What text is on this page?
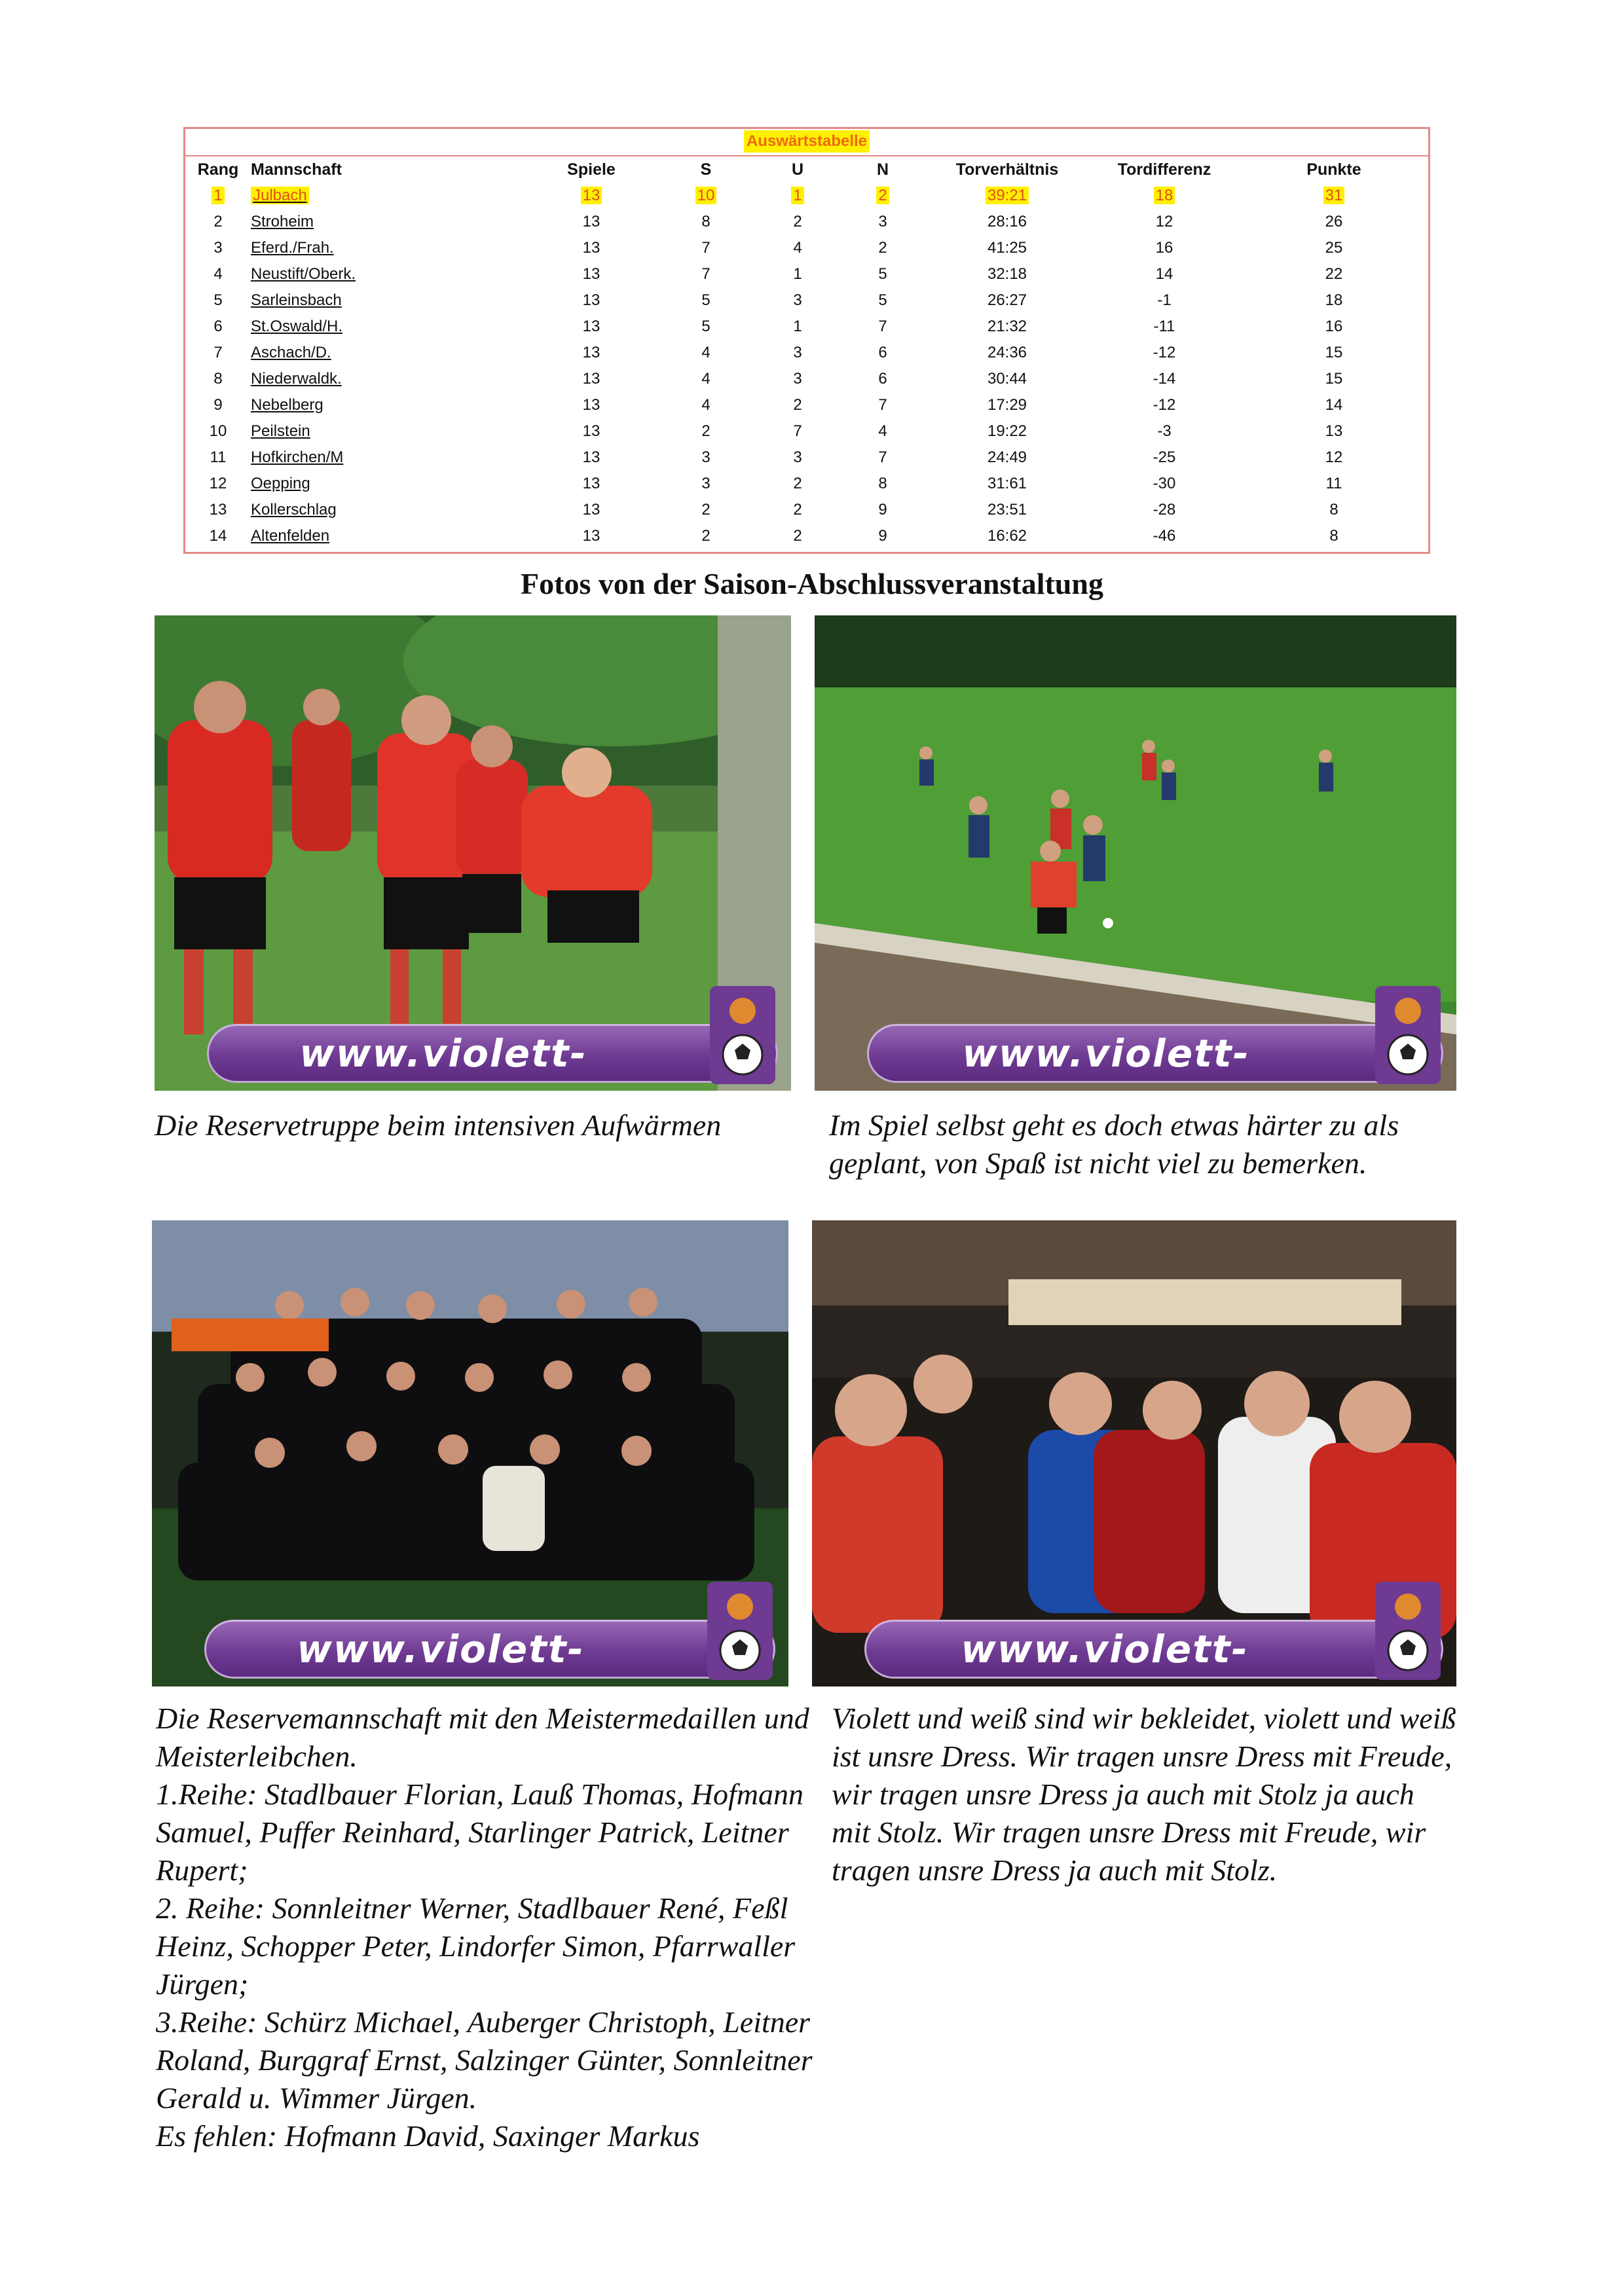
Auswärtstabelle
Rang	Mannschaft	Spiele	S	U	N	Torverhältnis	Tordifferenz	Punkte
1	Julbach	13	10	1	2	39:21	18	31
2	Stroheim	13	8	2	3	28:16	12	26
3	Eferd./Frah.	13	7	4	2	41:25	16	25
4	Neustift/Oberk.	13	7	1	5	32:18	14	22
5	Sarleinsbach	13	5	3	5	26:27	-1	18
6	St.Oswald/H.	13	5	1	7	21:32	-11	16
7	Aschach/D.	13	4	3	6	24:36	-12	15
8	Niederwaldk.	13	4	3	6	30:44	-14	15
9	Nebelberg	13	4	2	7	17:29	-12	14
10	Peilstein	13	2	7	4	19:22	-3	13
11	Hofkirchen/M	13	3	3	7	24:49	-25	12
12	Oepping	13	3	2	8	31:61	-30	11
13	Kollerschlag	13	2	2	9	23:51	-28	8
14	Altenfelden	13	2	2	9	16:62	-46	8
Fotos von der Saison-Abschlussveranstaltung
www.violett-	www.violett-

Die Reservetruppe beim intensiven Aufwärmen	Im Spiel selbst geht es doch etwas härter zu als geplant, von Spaß ist nicht viel zu bemerken.

www.violett-	www.violett-

Die Reservemannschaft mit den Meistermedaillen und Meisterleibchen.

1.Reihe: Stadlbauer Florian, Lauß Thomas, Hofmann Samuel, Puffer Reinhard, Starlinger Patrick, Leitner Rupert;

2. Reihe: Sonnleitner Werner, Stadlbauer René, Feßl Heinz, Schopper Peter, Lindorfer Simon, Pfarrwaller Jürgen;

3.Reihe: Schürz Michael, Auberger Christoph, Leitner Roland, Burggraf Ernst, Salzinger Günter, Sonnleitner Gerald u. Wimmer Jürgen.

Es fehlen: Hofmann David, Saxinger Markus

Violett und weiß sind wir bekleidet, violett und weiß ist unsre Dress. Wir tragen unsre Dress mit Freude, wir tragen unsre Dress ja auch mit Stolz ja auch mit Stolz. Wir tragen unsre Dress mit Freude, wir tragen unsre Dress ja auch mit Stolz.
